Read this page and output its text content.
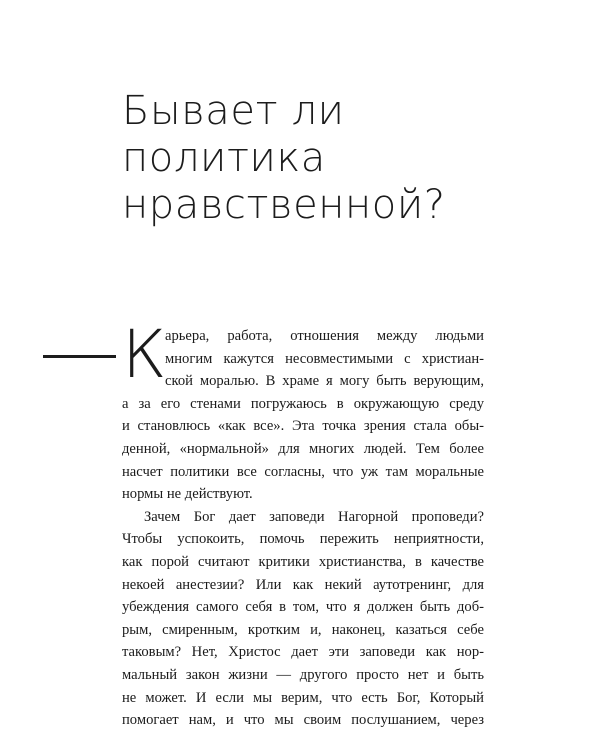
Бывает ли
политика
нравственной?
К

арьера, работа, отношения между людьми
многим кажутся несовместимыми с христиан-
ской моралью. В храме я могу быть верующим,
а за его стенами погружаюсь в окружающую среду
и становлюсь «как все». Эта точка зрения стала обы-
денной, «нормальной» для многих людей. Тем более
насчет политики все согласны, что уж там моральные
нормы не действуют.

Зачем Бог дает заповеди Нагорной проповеди?
Чтобы успокоить, помочь пережить неприятности,
как порой считают критики христианства, в качестве
некоей анестезии? Или как некий аутотренинг, для
убеждения самого себя в том, что я должен быть доб-
рым, смиренным, кротким и, наконец, казаться себе
таковым? Нет, Христос дает эти заповеди как нор-
мальный закон жизни — другого просто нет и быть
не может. И если мы верим, что есть Бог, Который
помогает нам, и что мы своим послушанием, через
